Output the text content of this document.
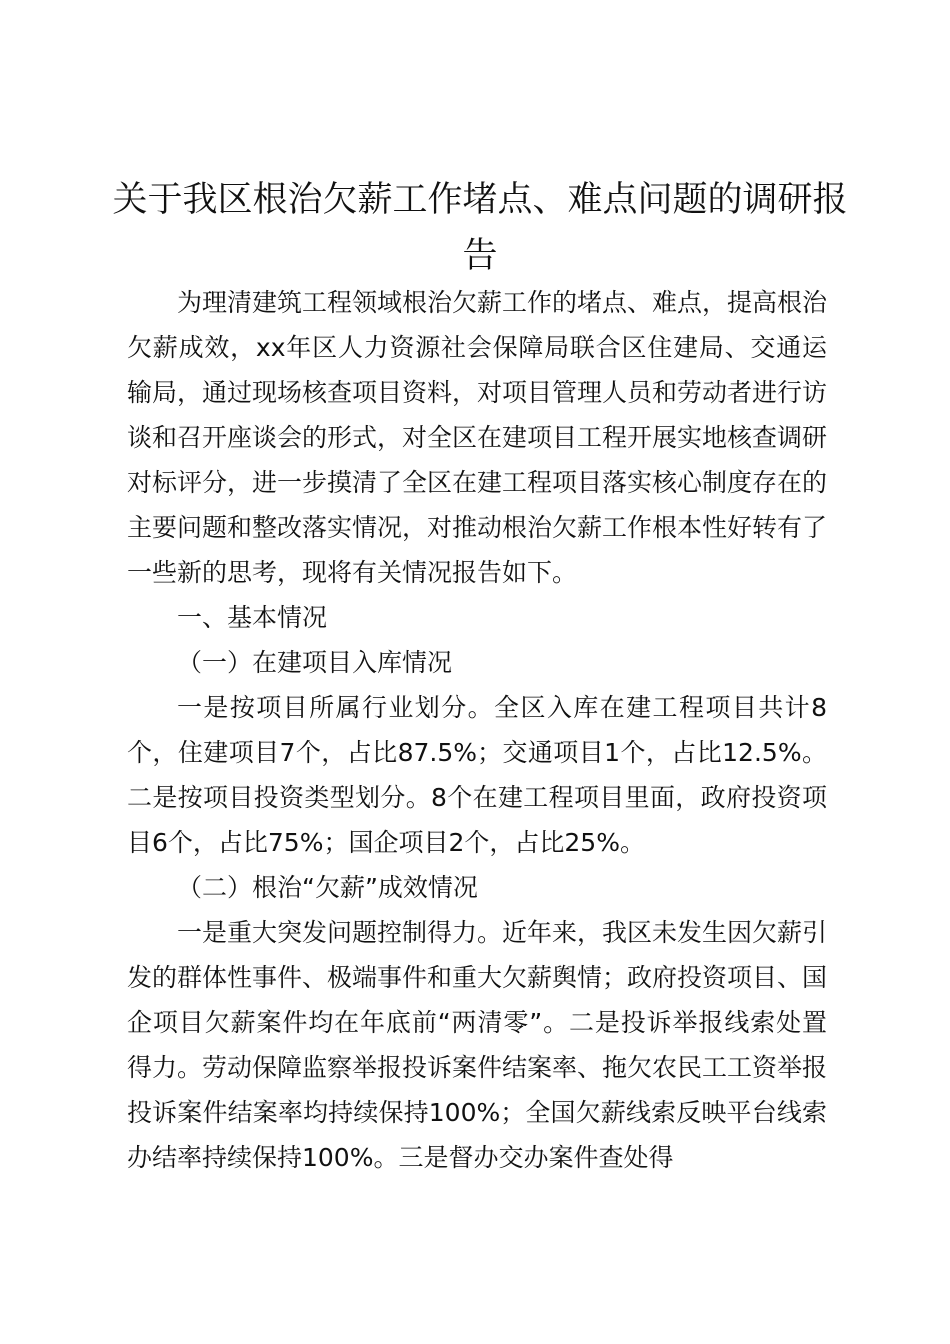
关于我区根治欠薪工作堵点、难点问题的调研报告

为理清建筑工程领域根治欠薪工作的堵点、难点，提高根治欠薪成效，xx年区人力资源社会保障局联合区住建局、交通运输局，通过现场核查项目资料，对项目管理人员和劳动者进行访谈和召开座谈会的形式，对全区在建项目工程开展实地核查调研对标评分，进一步摸清了全区在建工程项目落实核心制度存在的主要问题和整改落实情况，对推动根治欠薪工作根本性好转有了一些新的思考，现将有关情况报告如下。

一、基本情况

（一）在建项目入库情况

一是按项目所属行业划分。全区入库在建工程项目共计8个，住建项目7个，占比87.5%；交通项目1个，占比12.5%。二是按项目投资类型划分。8个在建工程项目里面，政府投资项目6个，占比75%；国企项目2个，占比25%。

（二）根治“欠薪”成效情况

一是重大突发问题控制得力。近年来，我区未发生因欠薪引发的群体性事件、极端事件和重大欠薪舆情；政府投资项目、国企项目欠薪案件均在年底前“两清零”。二是投诉举报线索处置得力。劳动保障监察举报投诉案件结案率、拖欠农民工工资举报投诉案件结案率均持续保持100%；全国欠薪线索反映平台线索办结率持续保持100%。三是督办交办案件查处得
